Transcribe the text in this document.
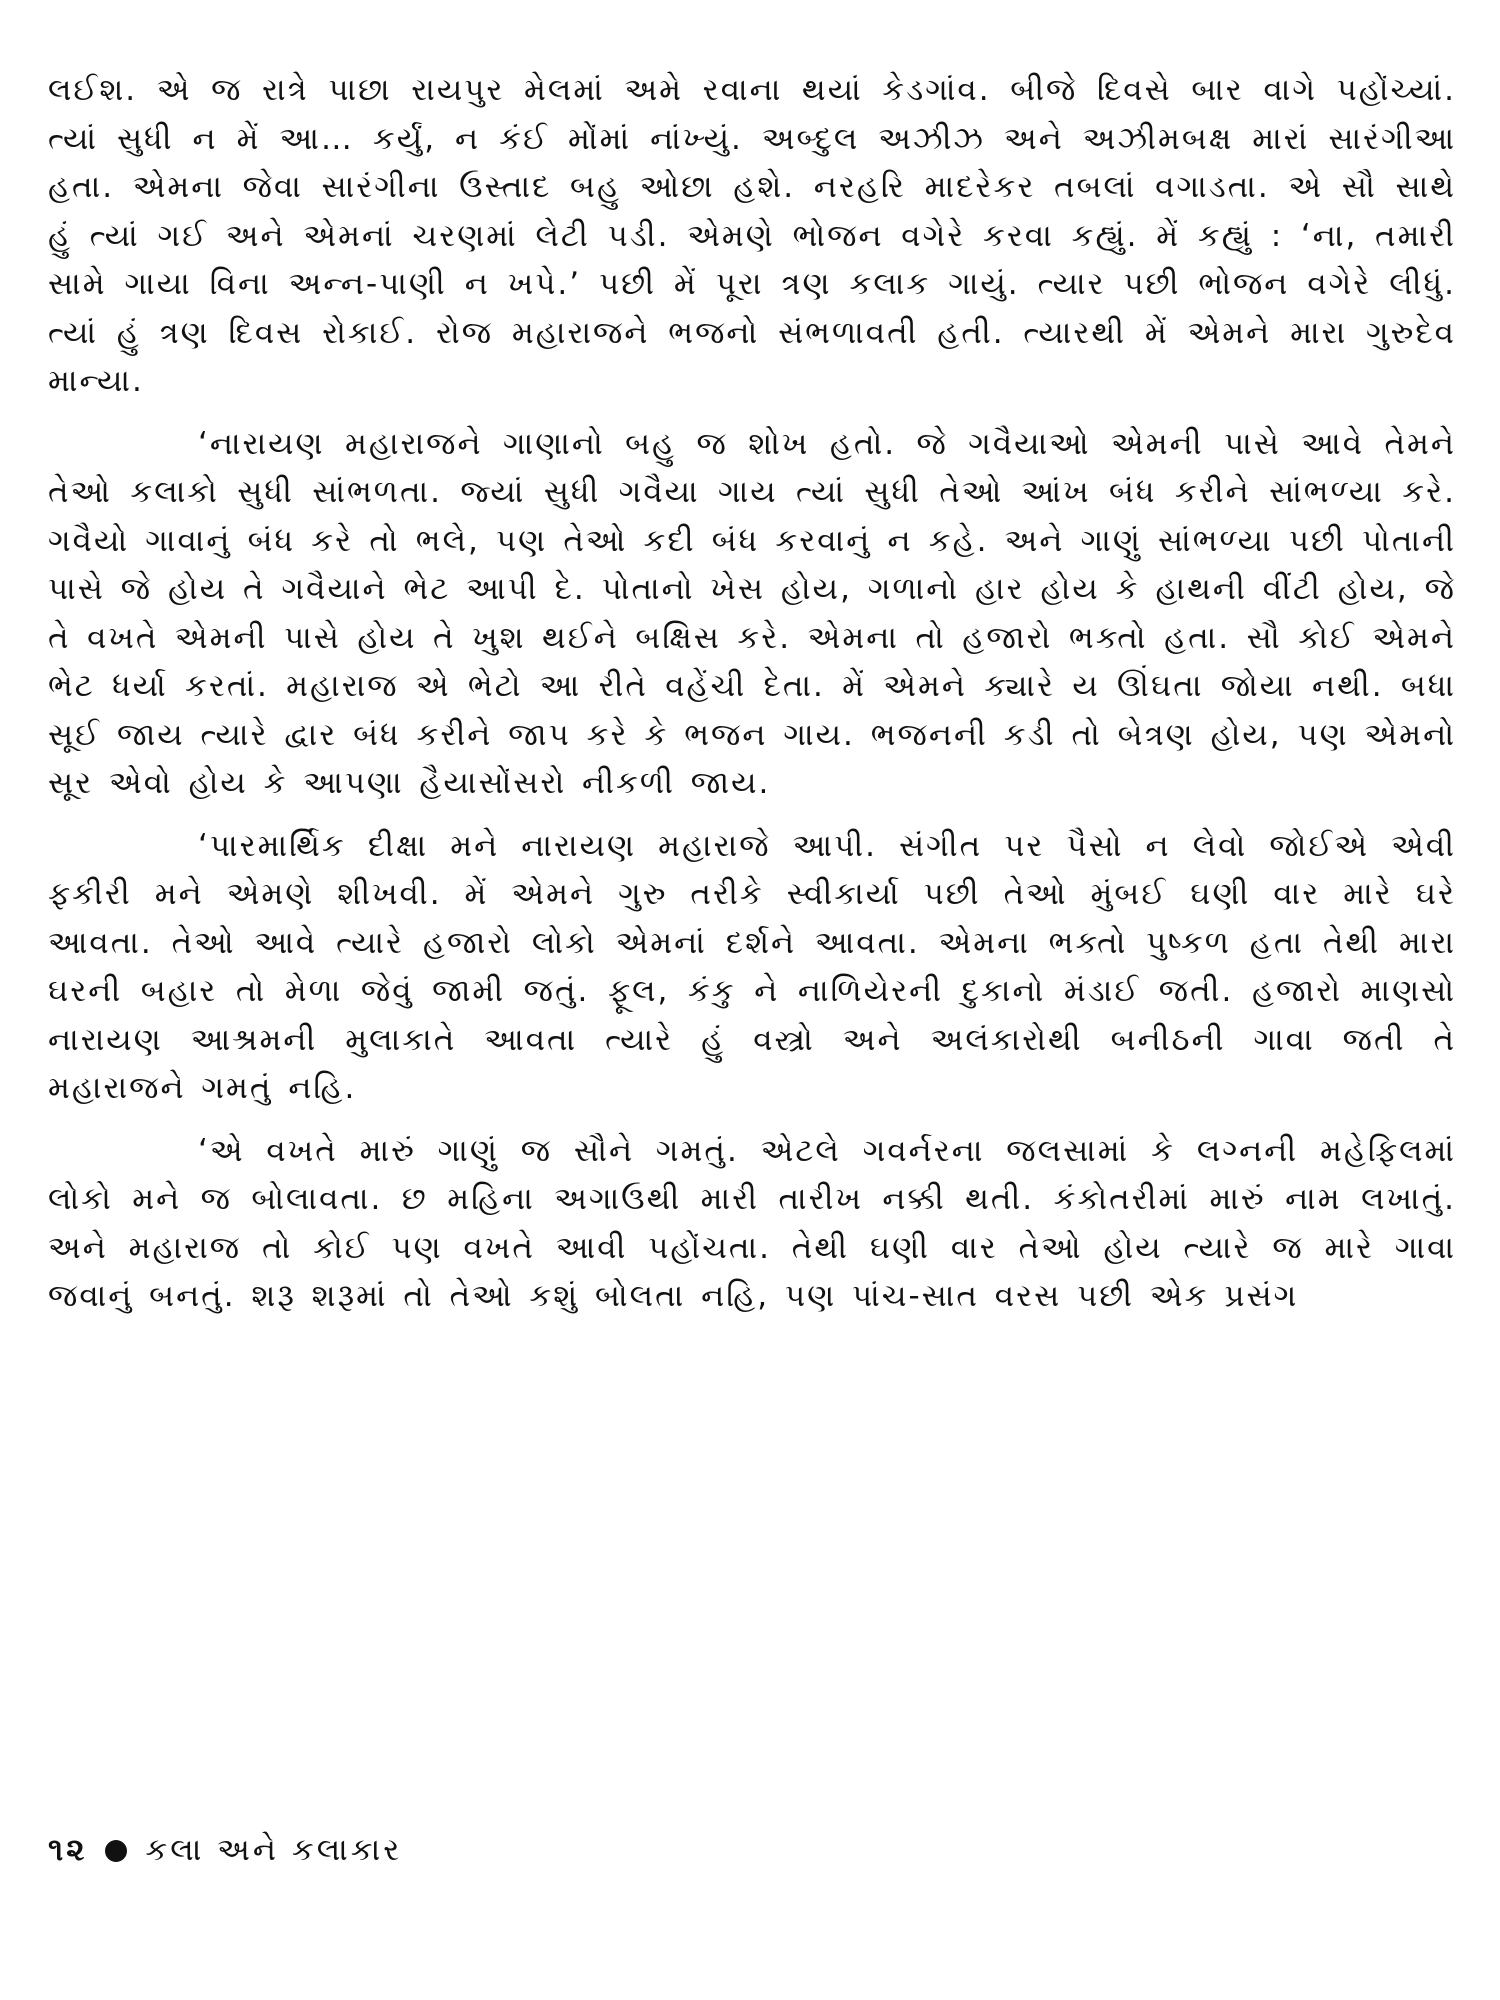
લઈશ. એ જ રાત્રે પાછા રાયપુર મેલમાં અમે રવાના થયાં કેડગાંવ. બીજે દિવસે બાર વાગે પહોંચ્યાં. ત્યાં સુધી ન મેં આ… કર્યું, ન કંઈ મોંમાં નાંખ્યું. અબ્દુલ અઝીઝ અને અઝીમબક્ષ મારાં સારંગીઆ હતા. એમના જેવા સારંગીના ઉસ્તાદ બહુ ઓછા હશે. નરહરિ માદરેકર તબલાં વગાડતા. એ સૌ સાથે હું ત્યાં ગઈ અને એમનાં ચરણમાં લેટી પડી. એમણે ભોજન વગેરે કરવા કહ્યું. મેં કહ્યું : ‘ના, તમારી સામે ગાયા વિના અન્ન-પાણી ન ખપે.’ પછી મેં પૂરા ત્રણ કલાક ગાયું. ત્યાર પછી ભોજન વગેરે લીધું. ત્યાં હું ત્રણ દિવસ રોકાઈ. રોજ મહારાજને ભજનો સંભળાવતી હતી. ત્યારથી મેં એમને મારા ગુરુદેવ માન્યા.

‘નારાયણ મહારાજને ગાણાનો બહુ જ શોખ હતો. જે ગવૈયાઓ એમની પાસે આવે તેમને તેઓ કલાકો સુધી સાંભળતા. જ્યાં સુધી ગવૈયા ગાય ત્યાં સુધી તેઓ આંખ બંધ કરીને સાંભળ્યા કરે. ગવૈયો ગાવાનું બંધ કરે તો ભલે, પણ તેઓ કદી બંધ કરવાનું ન કહે. અને ગાણું સાંભળ્યા પછી પોતાની પાસે જે હોય તે ગવૈયાને ભેટ આપી દે. પોતાનો ખેસ હોય, ગળાનો હાર હોય કે હાથની વીંટી હોય, જે તે વખતે એમની પાસે હોય તે ખુશ થઈને બક્ષિસ કરે. એમના તો હજારો ભક્તો હતા. સૌ કોઈ એમને ભેટ ધર્યા કરતાં. મહારાજ એ ભેટો આ રીતે વહેંચી દેતા. મેં એમને ક્યારે ય ઊંઘતા જોયા નથી. બધા સૂઈ જાય ત્યારે દ્વાર બંધ કરીને જાપ કરે કે ભજન ગાય. ભજનની કડી તો બેત્રણ હોય, પણ એમનો સૂર એવો હોય કે આપણા હૈયાસોંસરો નીકળી જાય.

‘પારમાર્થિક દીક્ષા મને નારાયણ મહારાજે આપી. સંગીત પર પૈસો ન લેવો જોઈએ એવી ફકીરી મને એમણે શીખવી. મેં એમને ગુરુ તરીકે સ્વીકાર્યા પછી તેઓ મુંબઈ ઘણી વાર મારે ઘરે આવતા. તેઓ આવે ત્યારે હજારો લોકો એમનાં દર્શને આવતા. એમના ભક્તો પુષ્કળ હતા તેથી મારા ઘરની બહાર તો મેળા જેવું જામી જતું. ફૂલ, કંકુ ને નાળિયેરની દુકાનો મંડાઈ જતી. હજારો માણસો નારાયણ આશ્રમની મુલાકાતે આવતા ત્યારે હું વસ્ત્રો અને અલંકારોથી બનીઠની ગાવા જતી તે મહારાજને ગમતું નહિ.

‘એ વખતે મારું ગાણું જ સૌને ગમતું. એટલે ગવર્નરના જલસામાં કે લગ્નની મહેફિલમાં લોકો મને જ બોલાવતા. છ મહિના અગાઉથી મારી તારીખ નક્કી થતી. કંકોતરીમાં મારું નામ લખાતું. અને મહારાજ તો કોઈ પણ વખતે આવી પહોંચતા. તેથી ઘણી વાર તેઓ હોય ત્યારે જ મારે ગાવા જવાનું બનતું. શરૂ શરૂમાં તો તેઓ કશું બોલતા નહિ, પણ પાંચ-સાત વરસ પછી એક પ્રસંગ

૧૨ કલા અને કલાકાર
